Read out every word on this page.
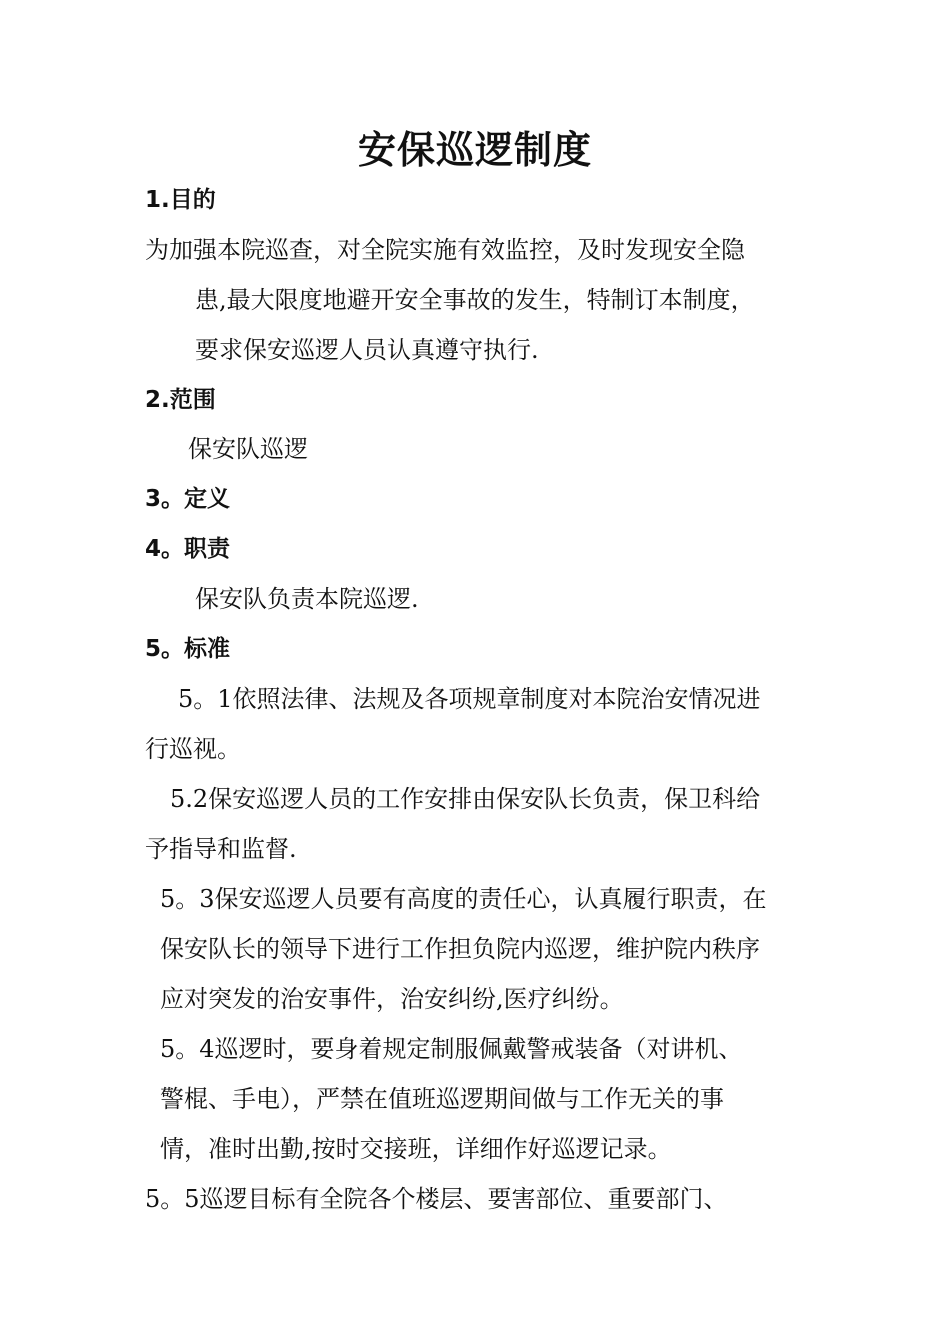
安保巡逻制度
1.目的
为加强本院巡查，对全院实施有效监控，及时发现安全隐
患,最大限度地避开安全事故的发生，特制订本制度，
要求保安巡逻人员认真遵守执行.
2.范围
保安队巡逻
3。定义
4。职责
保安队负责本院巡逻.
5。标准
5。1依照法律、法规及各项规章制度对本院治安情况进
行巡视。
5.2保安巡逻人员的工作安排由保安队长负责，保卫科给
予指导和监督.
5。3保安巡逻人员要有高度的责任心，认真履行职责，在
保安队长的领导下进行工作担负院内巡逻，维护院内秩序
应对突发的治安事件，治安纠纷,医疗纠纷。
5。4巡逻时，要身着规定制服佩戴警戒装备（对讲机、
警棍、手电），严禁在值班巡逻期间做与工作无关的事
情，准时出勤,按时交接班，详细作好巡逻记录。
5。5巡逻目标有全院各个楼层、要害部位、重要部门、
